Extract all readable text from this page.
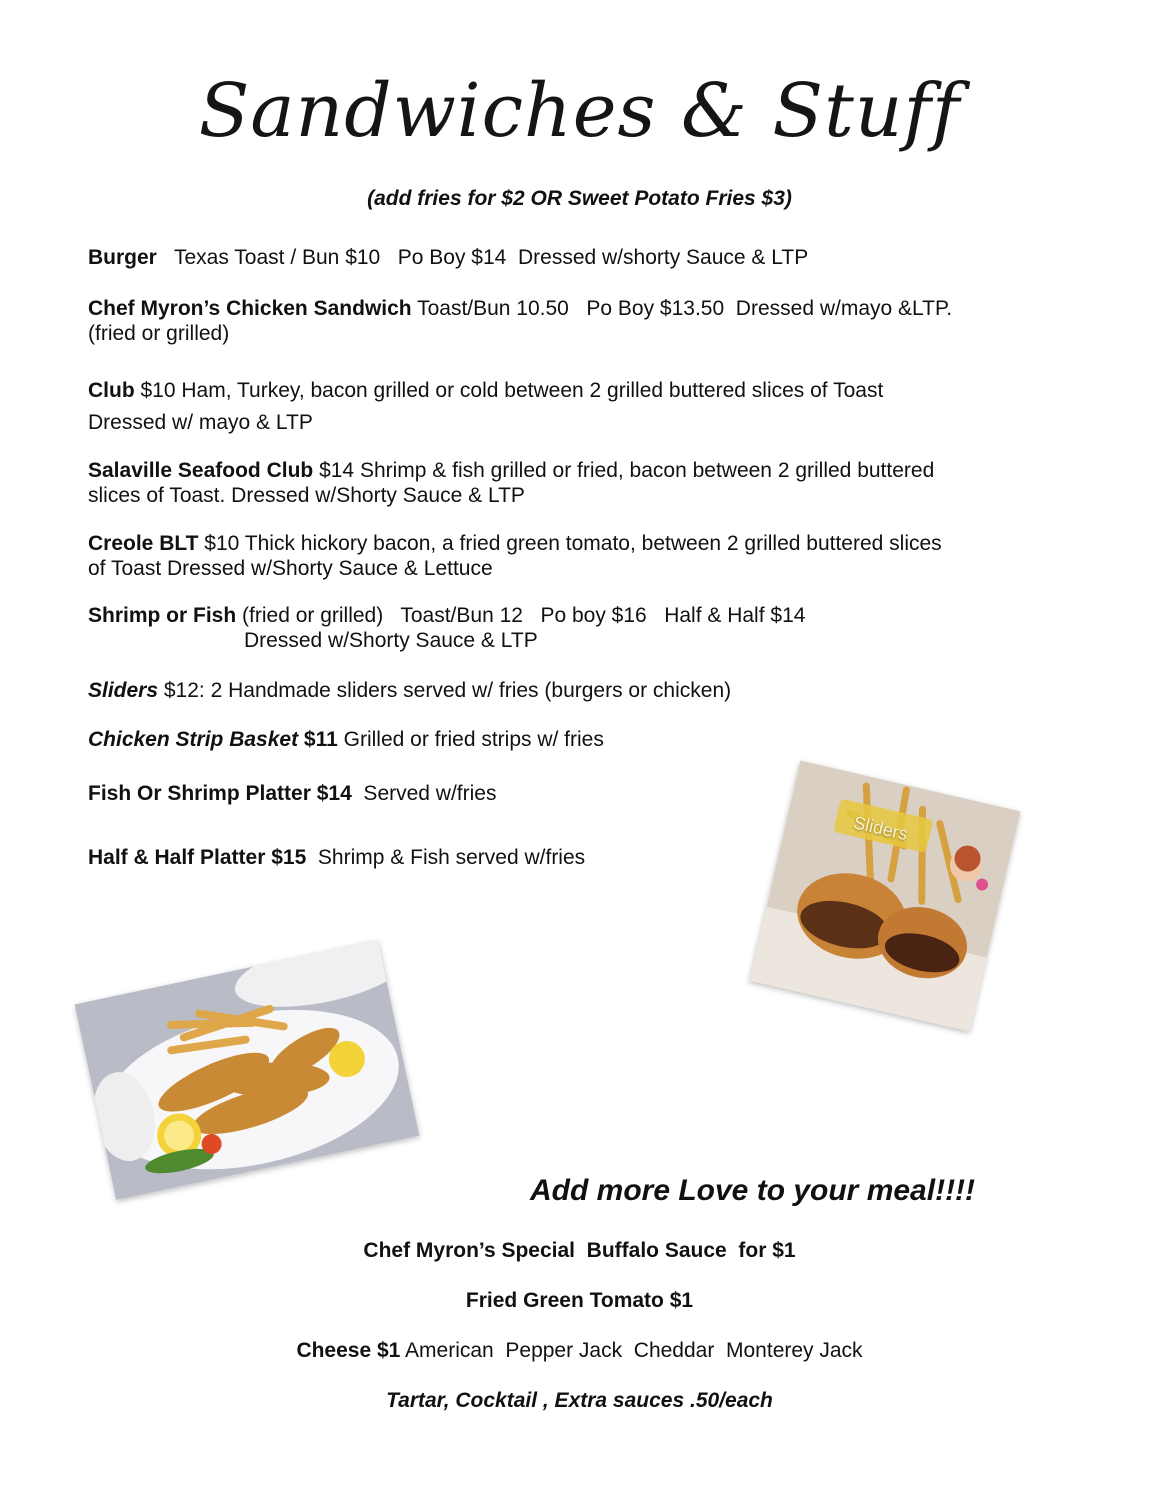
Sandwiches & Stuff
(add fries for $2 OR Sweet Potato Fries $3)
Burger   Texas Toast / Bun $10   Po Boy $14  Dressed w/shorty Sauce & LTP
Chef Myron’s Chicken Sandwich Toast/Bun 10.50   Po Boy $13.50  Dressed w/mayo &LTP.
(fried or grilled)
Club $10 Ham, Turkey, bacon grilled or cold between 2 grilled buttered slices of Toast
Dressed w/ mayo & LTP
Salaville Seafood Club $14 Shrimp & fish grilled or fried, bacon between 2 grilled buttered
slices of Toast. Dressed w/Shorty Sauce & LTP
Creole BLT $10 Thick hickory bacon, a fried green tomato, between 2 grilled buttered slices
of Toast Dressed w/Shorty Sauce & Lettuce
Shrimp or Fish (fried or grilled)   Toast/Bun 12   Po boy $16   Half & Half $14
Dressed w/Shorty Sauce & LTP
Sliders $12: 2 Handmade sliders served w/ fries (burgers or chicken)
Chicken Strip Basket $11 Grilled or fried strips w/ fries
Fish Or Shrimp Platter $14  Served w/fries
Half & Half Platter $15  Shrimp & Fish served w/fries
Sliders
Add more Love to your meal!!!!
Chef Myron’s Special  Buffalo Sauce  for $1
Fried Green Tomato $1
Cheese $1 American  Pepper Jack  Cheddar  Monterey Jack
Tartar, Cocktail , Extra sauces .50/each
